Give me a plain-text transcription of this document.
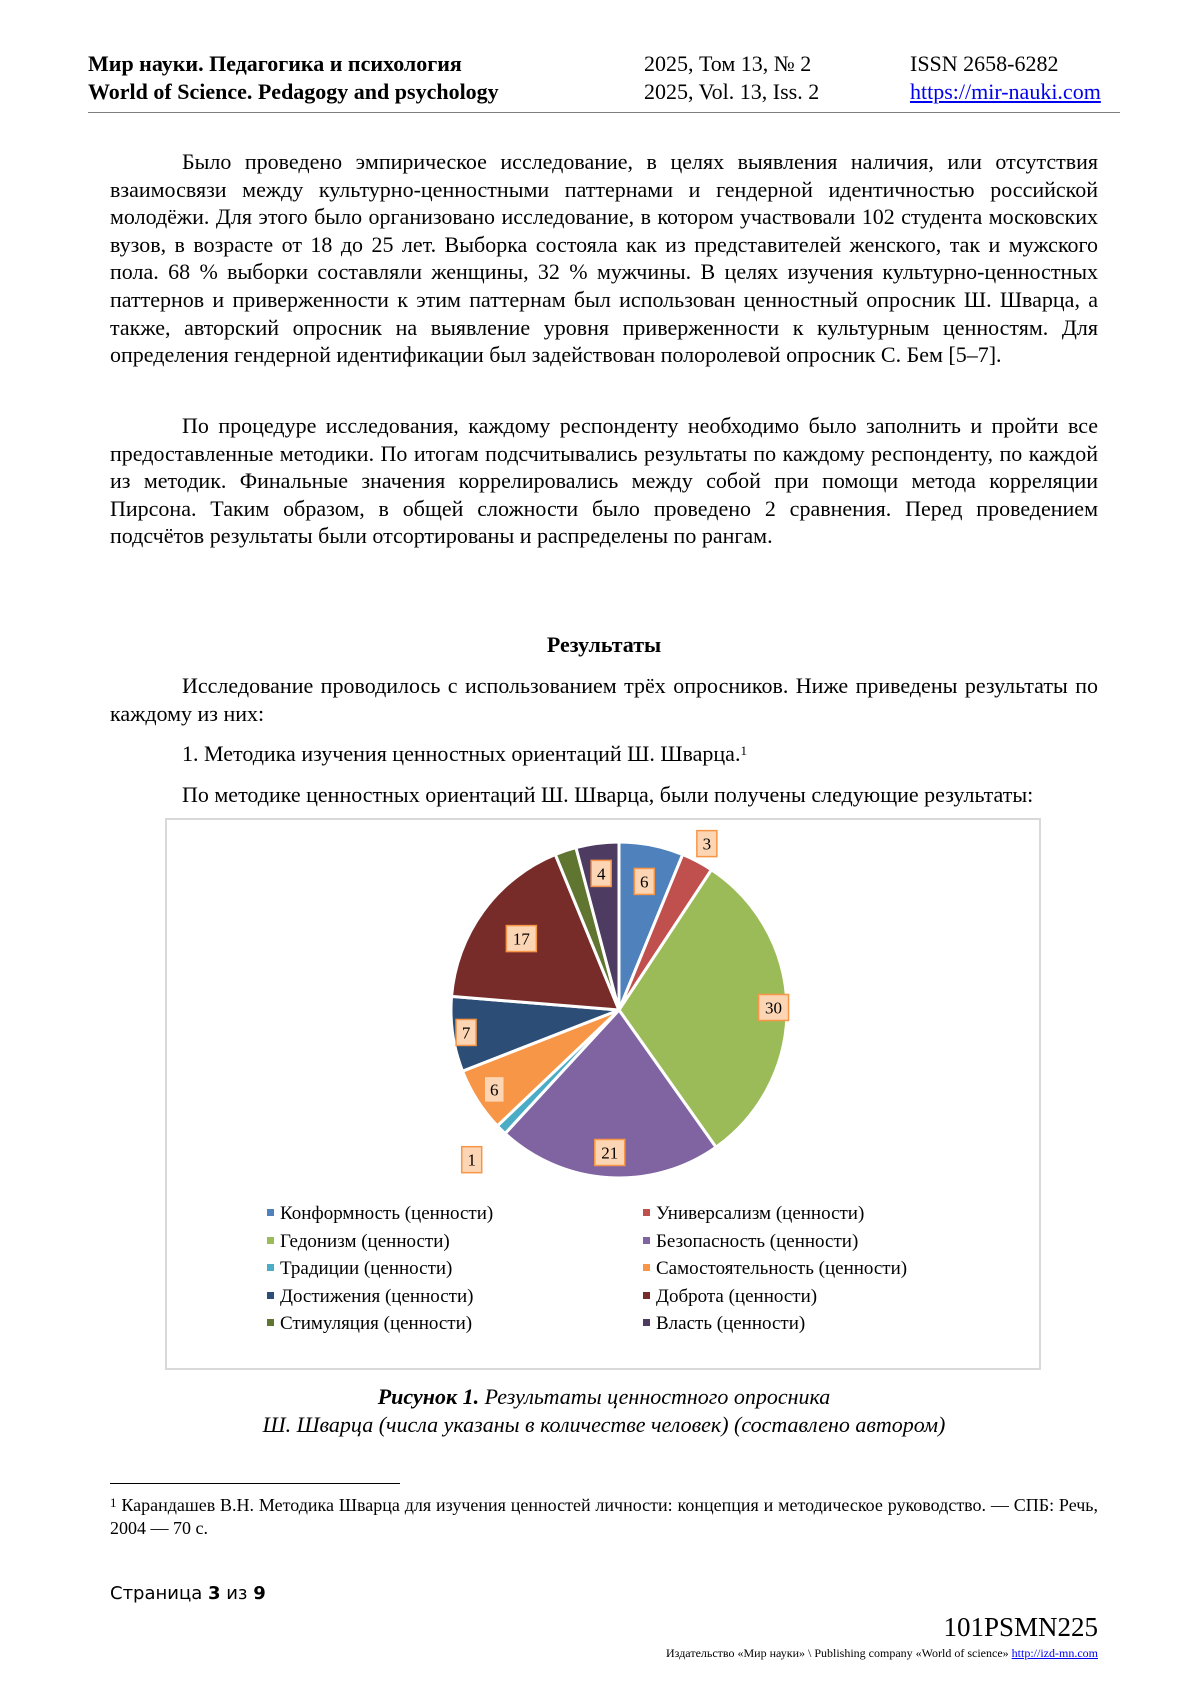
Мир науки. Педагогика и психология
World of Science. Pedagogy and psychology
2025, Том 13, № 2
2025, Vol. 13, Iss. 2
ISSN 2658-6282
https://mir-nauki.com

Было проведено эмпирическое исследование, в целях выявления наличия, или отсутствия взаимосвязи между культурно-ценностными паттернами и гендерной идентичностью российской молодёжи. Для этого было организовано исследование, в котором участвовали 102 студента московских вузов, в возрасте от 18 до 25 лет. Выборка состояла как из представителей женского, так и мужского пола. 68 % выборки составляли женщины, 32 % мужчины. В целях изучения культурно-ценностных паттернов и приверженности к этим паттернам был использован ценностный опросник Ш. Шварца, а также, авторский опросник на выявление уровня приверженности к культурным ценностям. Для определения гендерной идентификации был задействован полоролевой опросник С. Бем [5–7].

По процедуре исследования, каждому респонденту необходимо было заполнить и пройти все предоставленные методики. По итогам подсчитывались результаты по каждому респонденту, по каждой из методик. Финальные значения коррелировались между собой при помощи метода корреляции Пирсона. Таким образом, в общей сложности было проведено 2 сравнения. Перед проведением подсчётов результаты были отсортированы и распределены по рангам.

Результаты

Исследование проводилось с использованием трёх опросников. Ниже приведены результаты по каждому из них:

1. Методика изучения ценностных ориентаций Ш. Шварца.$^1$

По методике ценностных ориентаций Ш. Шварца, были получены следующие результаты:

6
3
30
21
1
6
7
17
4
Конформность (ценности)	Универсализм (ценности)
Гедонизм (ценности)	Безопасность (ценности)
Традиции (ценности)	Самостоятельность (ценности)
Достижения (ценности)	Доброта (ценности)
Стимуляция (ценности)	Власть (ценности)
Рисунок 1. Результаты ценностного опросника
Ш. Шварца (числа указаны в количестве человек) (составлено автором)
$^1$ Карандашев В.Н. Методика Шварца для изучения ценностей личности: концепция и методическое руководство. — СПБ: Речь, 2004 — 70 с.
Страница 3 из 9
101PSMN225
Издательство «Мир науки» \ Publishing company «World of science» http://izd-mn.com
